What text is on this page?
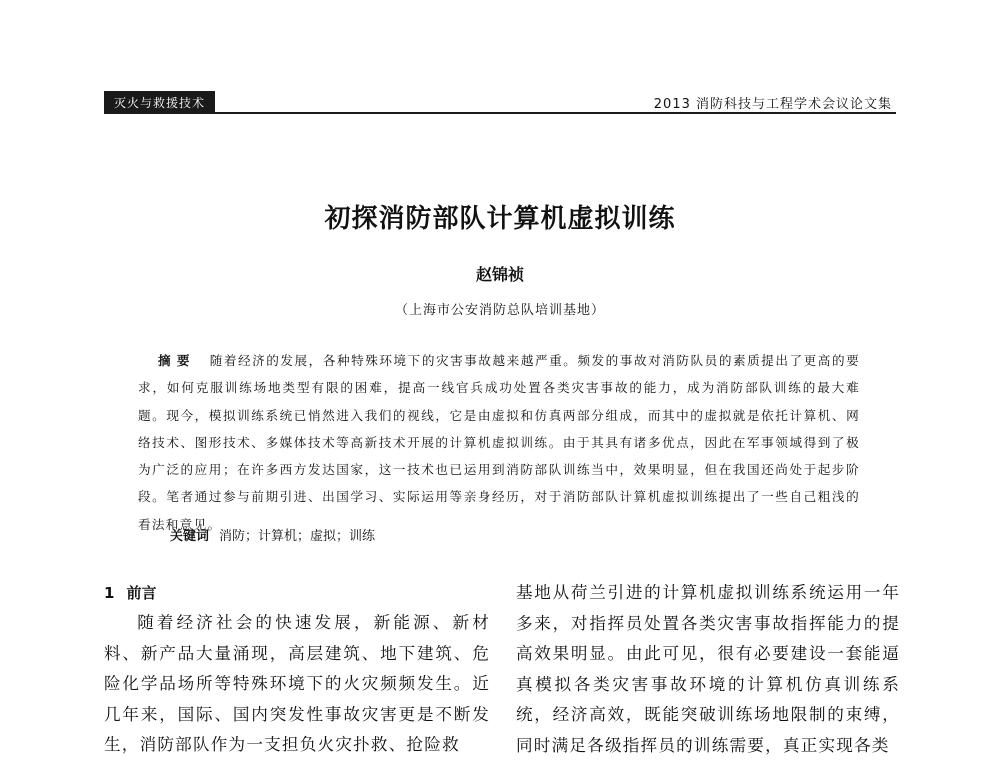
灭火与救援技术	2013 消防科技与工程学术会议论文集
初探消防部队计算机虚拟训练
赵锦祯
（上海市公安消防总队培训基地）
摘要 随着经济的发展，各种特殊环境下的灾害事故越来越严重。频发的事故对消防队员的素质提出了更高的要求，如何克服训练场地类型有限的困难，提高一线官兵成功处置各类灾害事故的能力，成为消防部队训练的最大难题。现今，模拟训练系统已悄然进入我们的视线，它是由虚拟和仿真两部分组成，而其中的虚拟就是依托计算机、网络技术、图形技术、多媒体技术等高新技术开展的计算机虚拟训练。由于其具有诸多优点，因此在军事领域得到了极为广泛的应用；在许多西方发达国家，这一技术也已运用到消防部队训练当中，效果明显，但在我国还尚处于起步阶段。笔者通过参与前期引进、出国学习、实际运用等亲身经历，对于消防部队计算机虚拟训练提出了一些自己粗浅的看法和意见。
关键词 消防；计算机；虚拟；训练
1 前言
随着经济社会的快速发展，新能源、新材料、新产品大量涌现，高层建筑、地下建筑、危险化学品场所等特殊环境下的火灾频频发生。近几年来，国际、国内突发性事故灾害更是不断发生，消防部队作为一支担负火灾扑救、抢险救
基地从荷兰引进的计算机虚拟训练系统运用一年多来，对指挥员处置各类灾害事故指挥能力的提高效果明显。由此可见，很有必要建设一套能逼真模拟各类灾害事故环境的计算机仿真训练系统，经济高效，既能突破训练场地限制的束缚，同时满足各级指挥员的训练需要，真正实现各类
